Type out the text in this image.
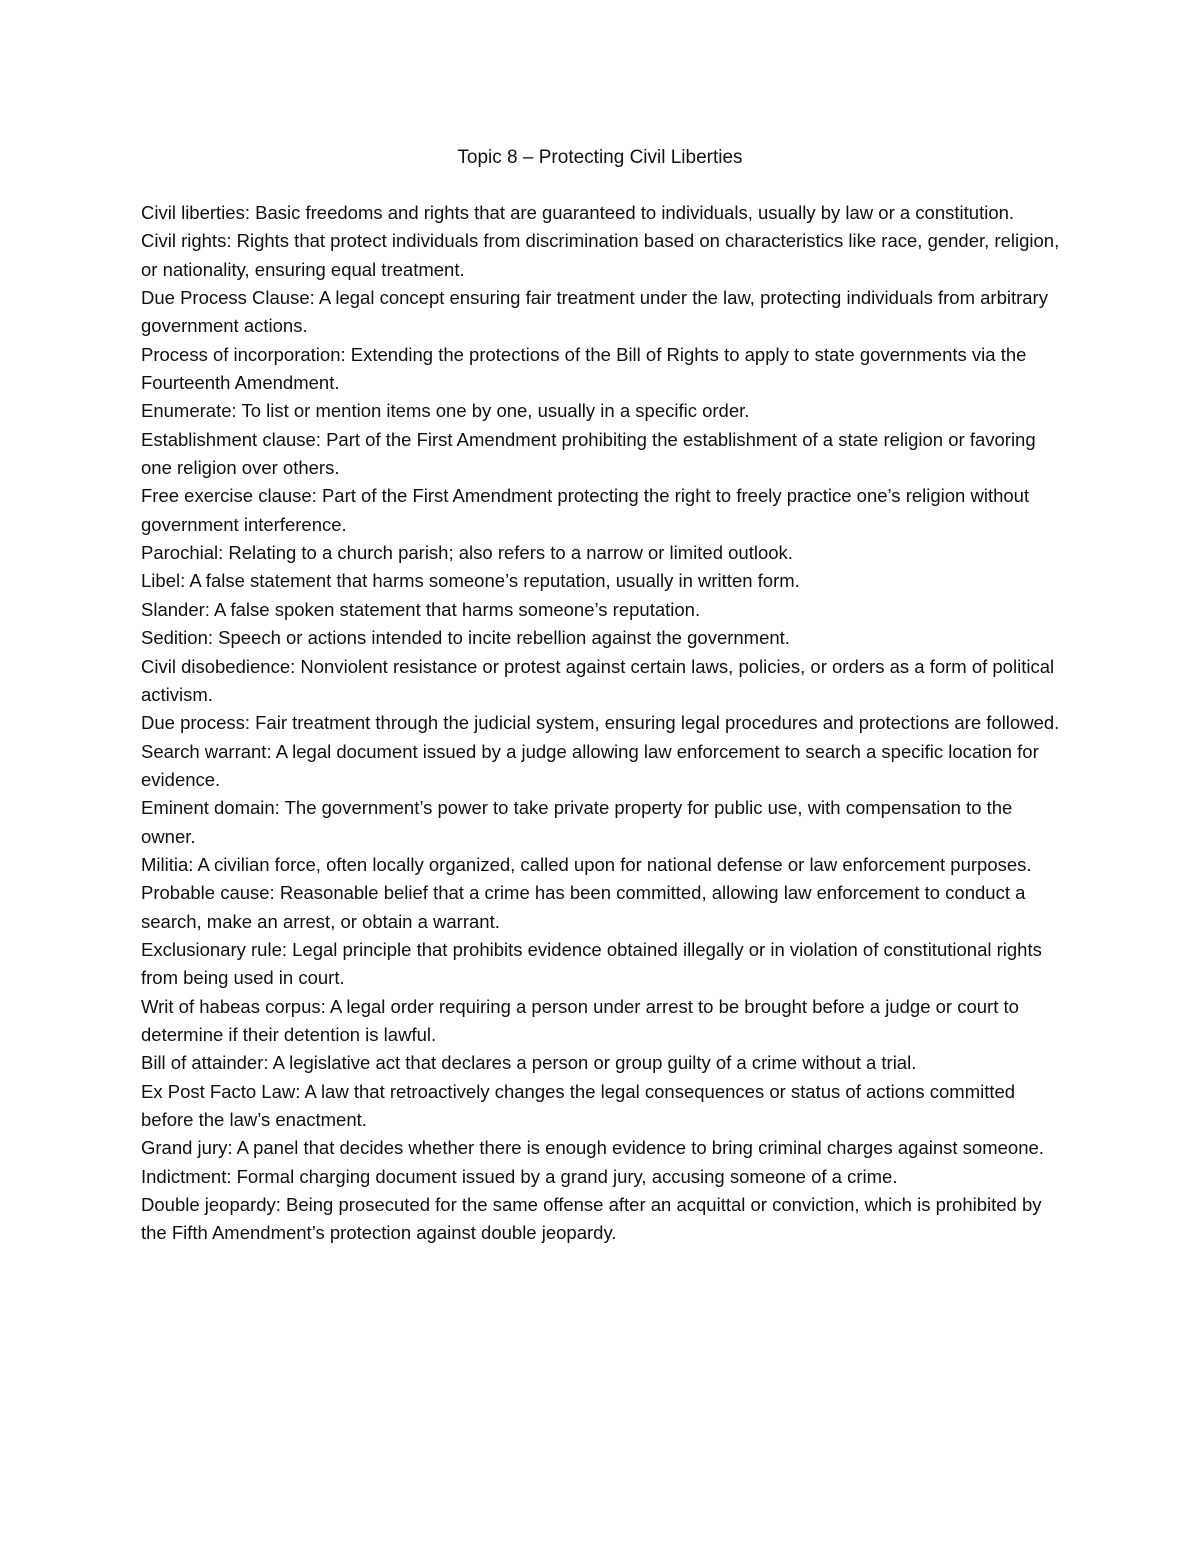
Topic 8 – Protecting Civil Liberties

Civil liberties: Basic freedoms and rights that are guaranteed to individuals, usually by law or a constitution.

Civil rights: Rights that protect individuals from discrimination based on characteristics like race, gender, religion, or nationality, ensuring equal treatment.

Due Process Clause: A legal concept ensuring fair treatment under the law, protecting individuals from arbitrary government actions.

Process of incorporation: Extending the protections of the Bill of Rights to apply to state governments via the Fourteenth Amendment.

Enumerate: To list or mention items one by one, usually in a specific order.

Establishment clause: Part of the First Amendment prohibiting the establishment of a state religion or favoring one religion over others.

Free exercise clause: Part of the First Amendment protecting the right to freely practice one’s religion without government interference.

Parochial: Relating to a church parish; also refers to a narrow or limited outlook.

Libel: A false statement that harms someone’s reputation, usually in written form.

Slander: A false spoken statement that harms someone’s reputation.

Sedition: Speech or actions intended to incite rebellion against the government.

Civil disobedience: Nonviolent resistance or protest against certain laws, policies, or orders as a form of political activism.

Due process: Fair treatment through the judicial system, ensuring legal procedures and protections are followed.

Search warrant: A legal document issued by a judge allowing law enforcement to search a specific location for evidence.

Eminent domain: The government’s power to take private property for public use, with compensation to the owner.

Militia: A civilian force, often locally organized, called upon for national defense or law enforcement purposes.

Probable cause: Reasonable belief that a crime has been committed, allowing law enforcement to conduct a search, make an arrest, or obtain a warrant.

Exclusionary rule: Legal principle that prohibits evidence obtained illegally or in violation of constitutional rights from being used in court.

Writ of habeas corpus: A legal order requiring a person under arrest to be brought before a judge or court to determine if their detention is lawful.

Bill of attainder: A legislative act that declares a person or group guilty of a crime without a trial.

Ex Post Facto Law: A law that retroactively changes the legal consequences or status of actions committed before the law’s enactment.

Grand jury: A panel that decides whether there is enough evidence to bring criminal charges against someone.

Indictment: Formal charging document issued by a grand jury, accusing someone of a crime.

Double jeopardy: Being prosecuted for the same offense after an acquittal or conviction, which is prohibited by the Fifth Amendment’s protection against double jeopardy.
